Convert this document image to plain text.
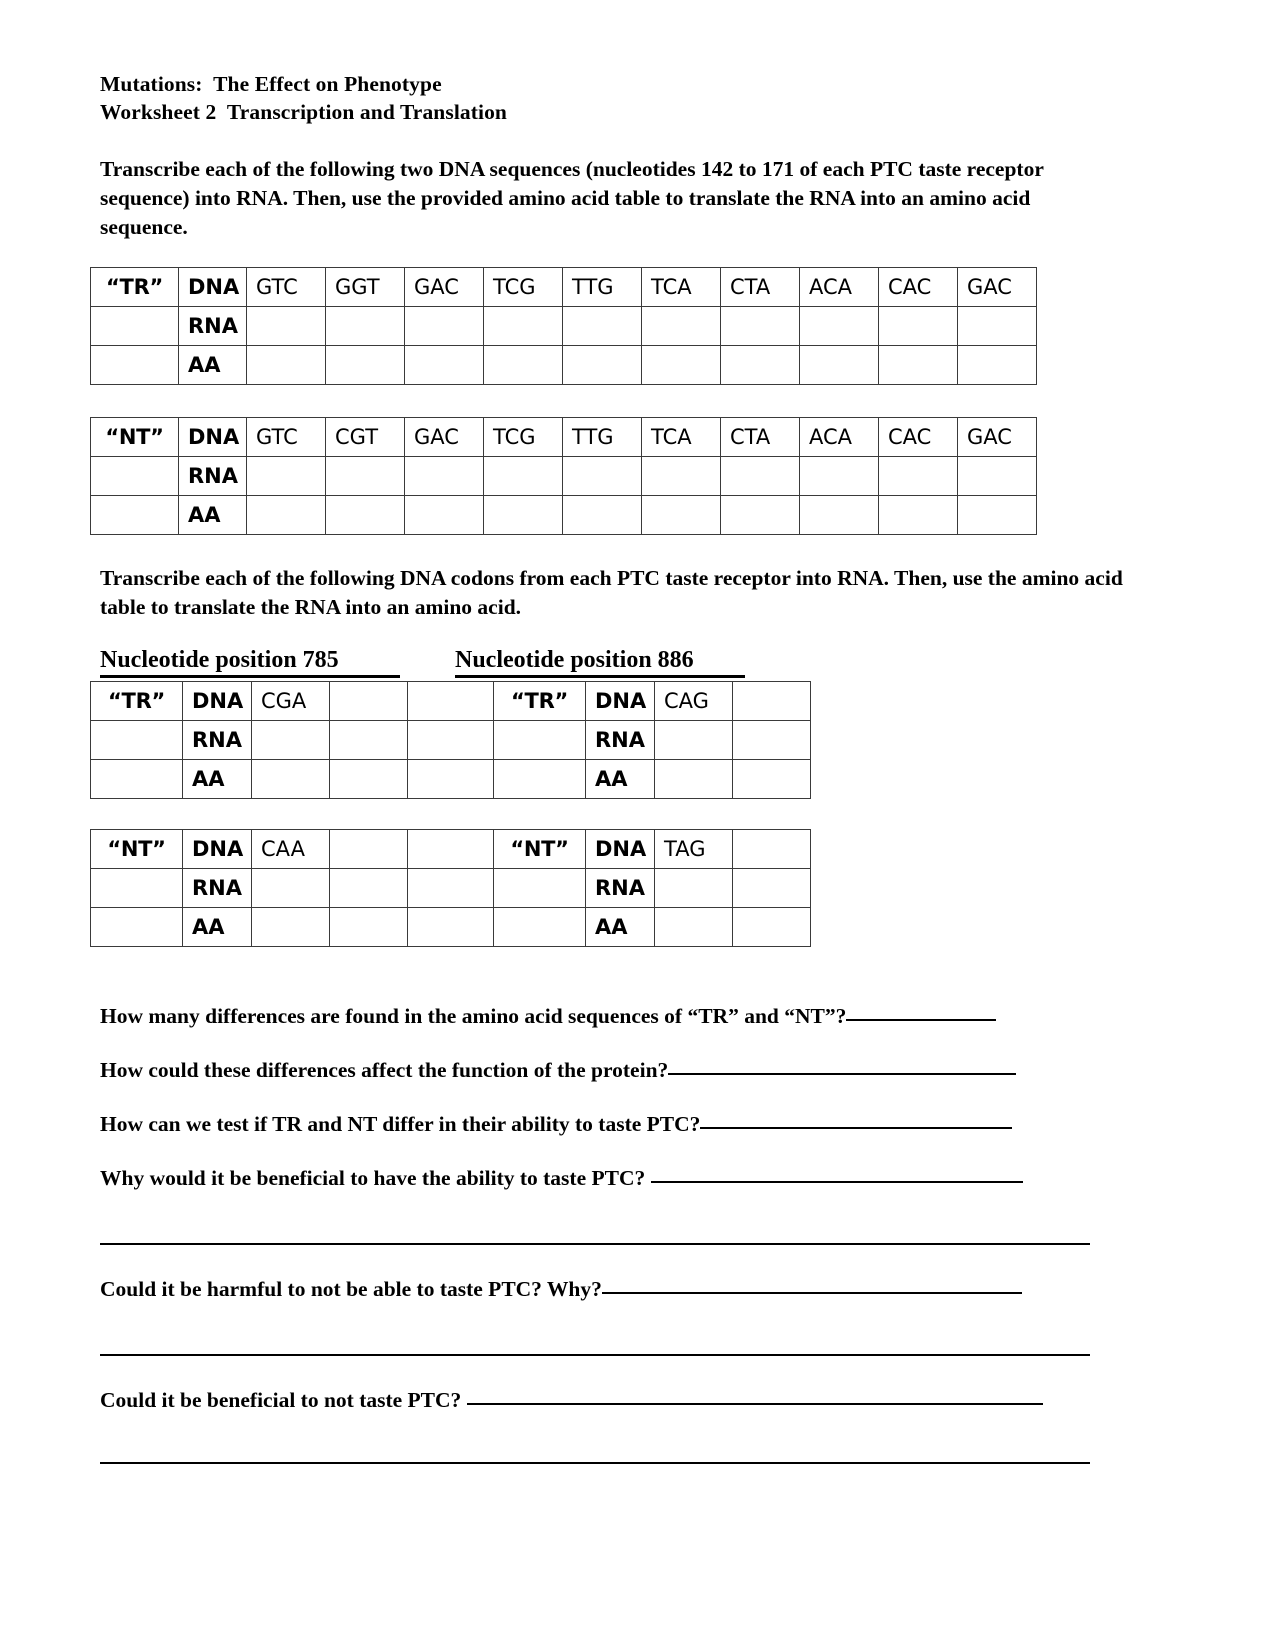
Mutations:  The Effect on Phenotype
Worksheet 2  Transcription and Translation
Transcribe each of the following two DNA sequences (nucleotides 142 to 171 of each PTC taste receptor sequence) into RNA. Then, use the provided amino acid table to translate the RNA into an amino acid sequence.
“TR”	DNA	GTC	GGT	GAC	TCG	TTG	TCA	CTA	ACA	CAC	GAC
	RNA										
	AA										
“NT”	DNA	GTC	CGT	GAC	TCG	TTG	TCA	CTA	ACA	CAC	GAC
	RNA										
	AA										
Transcribe each of the following DNA codons from each PTC taste receptor into RNA. Then, use the amino acid table to translate the RNA into an amino acid.
Nucleotide position 785	Nucleotide position 886
“TR”	DNA	CGA			“TR”	DNA	CAG	
	RNA					RNA		
	AA					AA		
“NT”	DNA	CAA			“NT”	DNA	TAG	
	RNA					RNA		
	AA					AA		
How many differences are found in the amino acid sequences of “TR” and “NT”?
How could these differences affect the function of the protein?
How can we test if TR and NT differ in their ability to taste PTC?
Why would it be beneficial to have the ability to taste PTC?
Could it be harmful to not be able to taste PTC? Why?
Could it be beneficial to not taste PTC?
